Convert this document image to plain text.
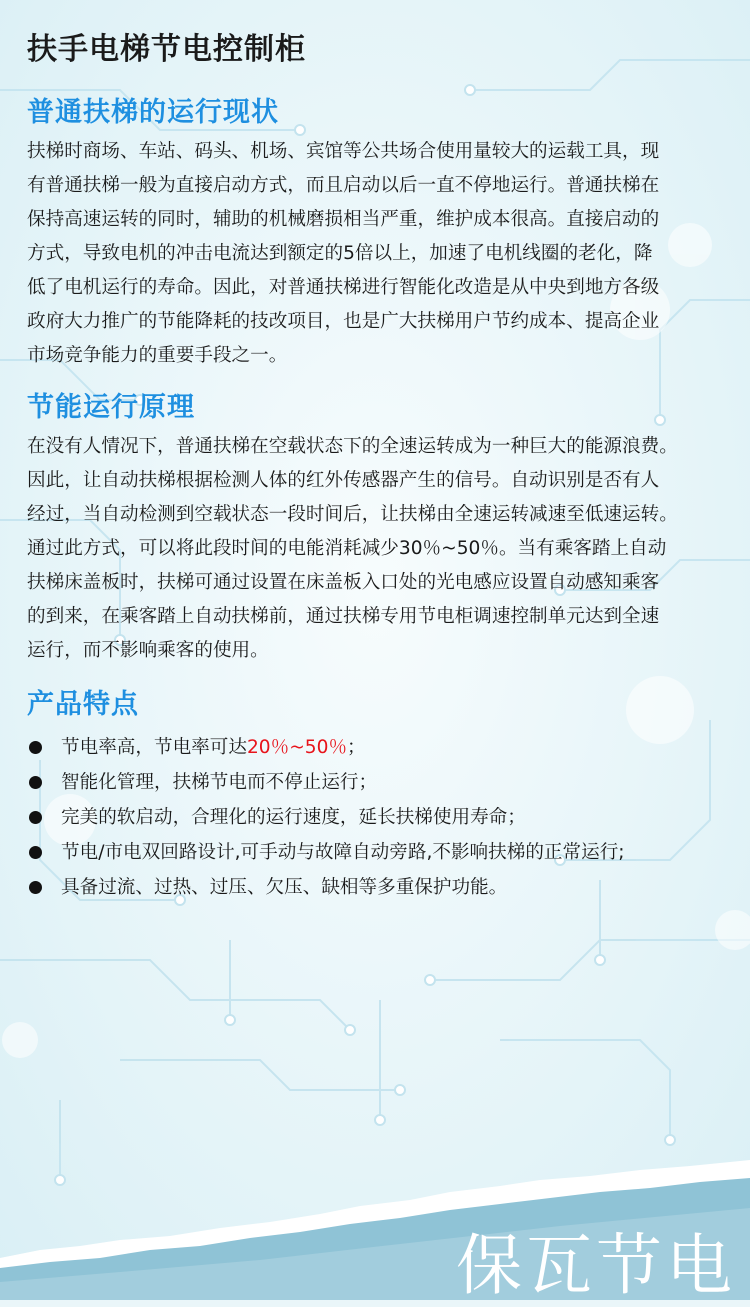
扶手电梯节电控制柜
普通扶梯的运行现状
扶梯时商场、车站、码头、机场、宾馆等公共场合使用量较大的运载工具，现
有普通扶梯一般为直接启动方式，而且启动以后一直不停地运行。普通扶梯在
保持高速运转的同时，辅助的机械磨损相当严重，维护成本很高。直接启动的
方式，导致电机的冲击电流达到额定的5倍以上，加速了电机线圈的老化，降
低了电机运行的寿命。因此，对普通扶梯进行智能化改造是从中央到地方各级
政府大力推广的节能降耗的技改项目，也是广大扶梯用户节约成本、提高企业
市场竞争能力的重要手段之一。
节能运行原理
在没有人情况下，普通扶梯在空载状态下的全速运转成为一种巨大的能源浪费。
因此，让自动扶梯根据检测人体的红外传感器产生的信号。自动识别是否有人
经过，当自动检测到空载状态一段时间后，让扶梯由全速运转减速至低速运转。
通过此方式，可以将此段时间的电能消耗减少30％~50％。当有乘客踏上自动
扶梯床盖板时，扶梯可通过设置在床盖板入口处的光电感应设置自动感知乘客
的到来，在乘客踏上自动扶梯前，通过扶梯专用节电柜调速控制单元达到全速
运行，而不影响乘客的使用。
产品特点
节电率高，节电率可达20％~50％；
智能化管理，扶梯节电而不停止运行；
完美的软启动，合理化的运行速度，延长扶梯使用寿命；
节电/市电双回路设计,可手动与故障自动旁路,不影响扶梯的正常运行;
具备过流、过热、过压、欠压、缺相等多重保护功能。
保瓦节电
